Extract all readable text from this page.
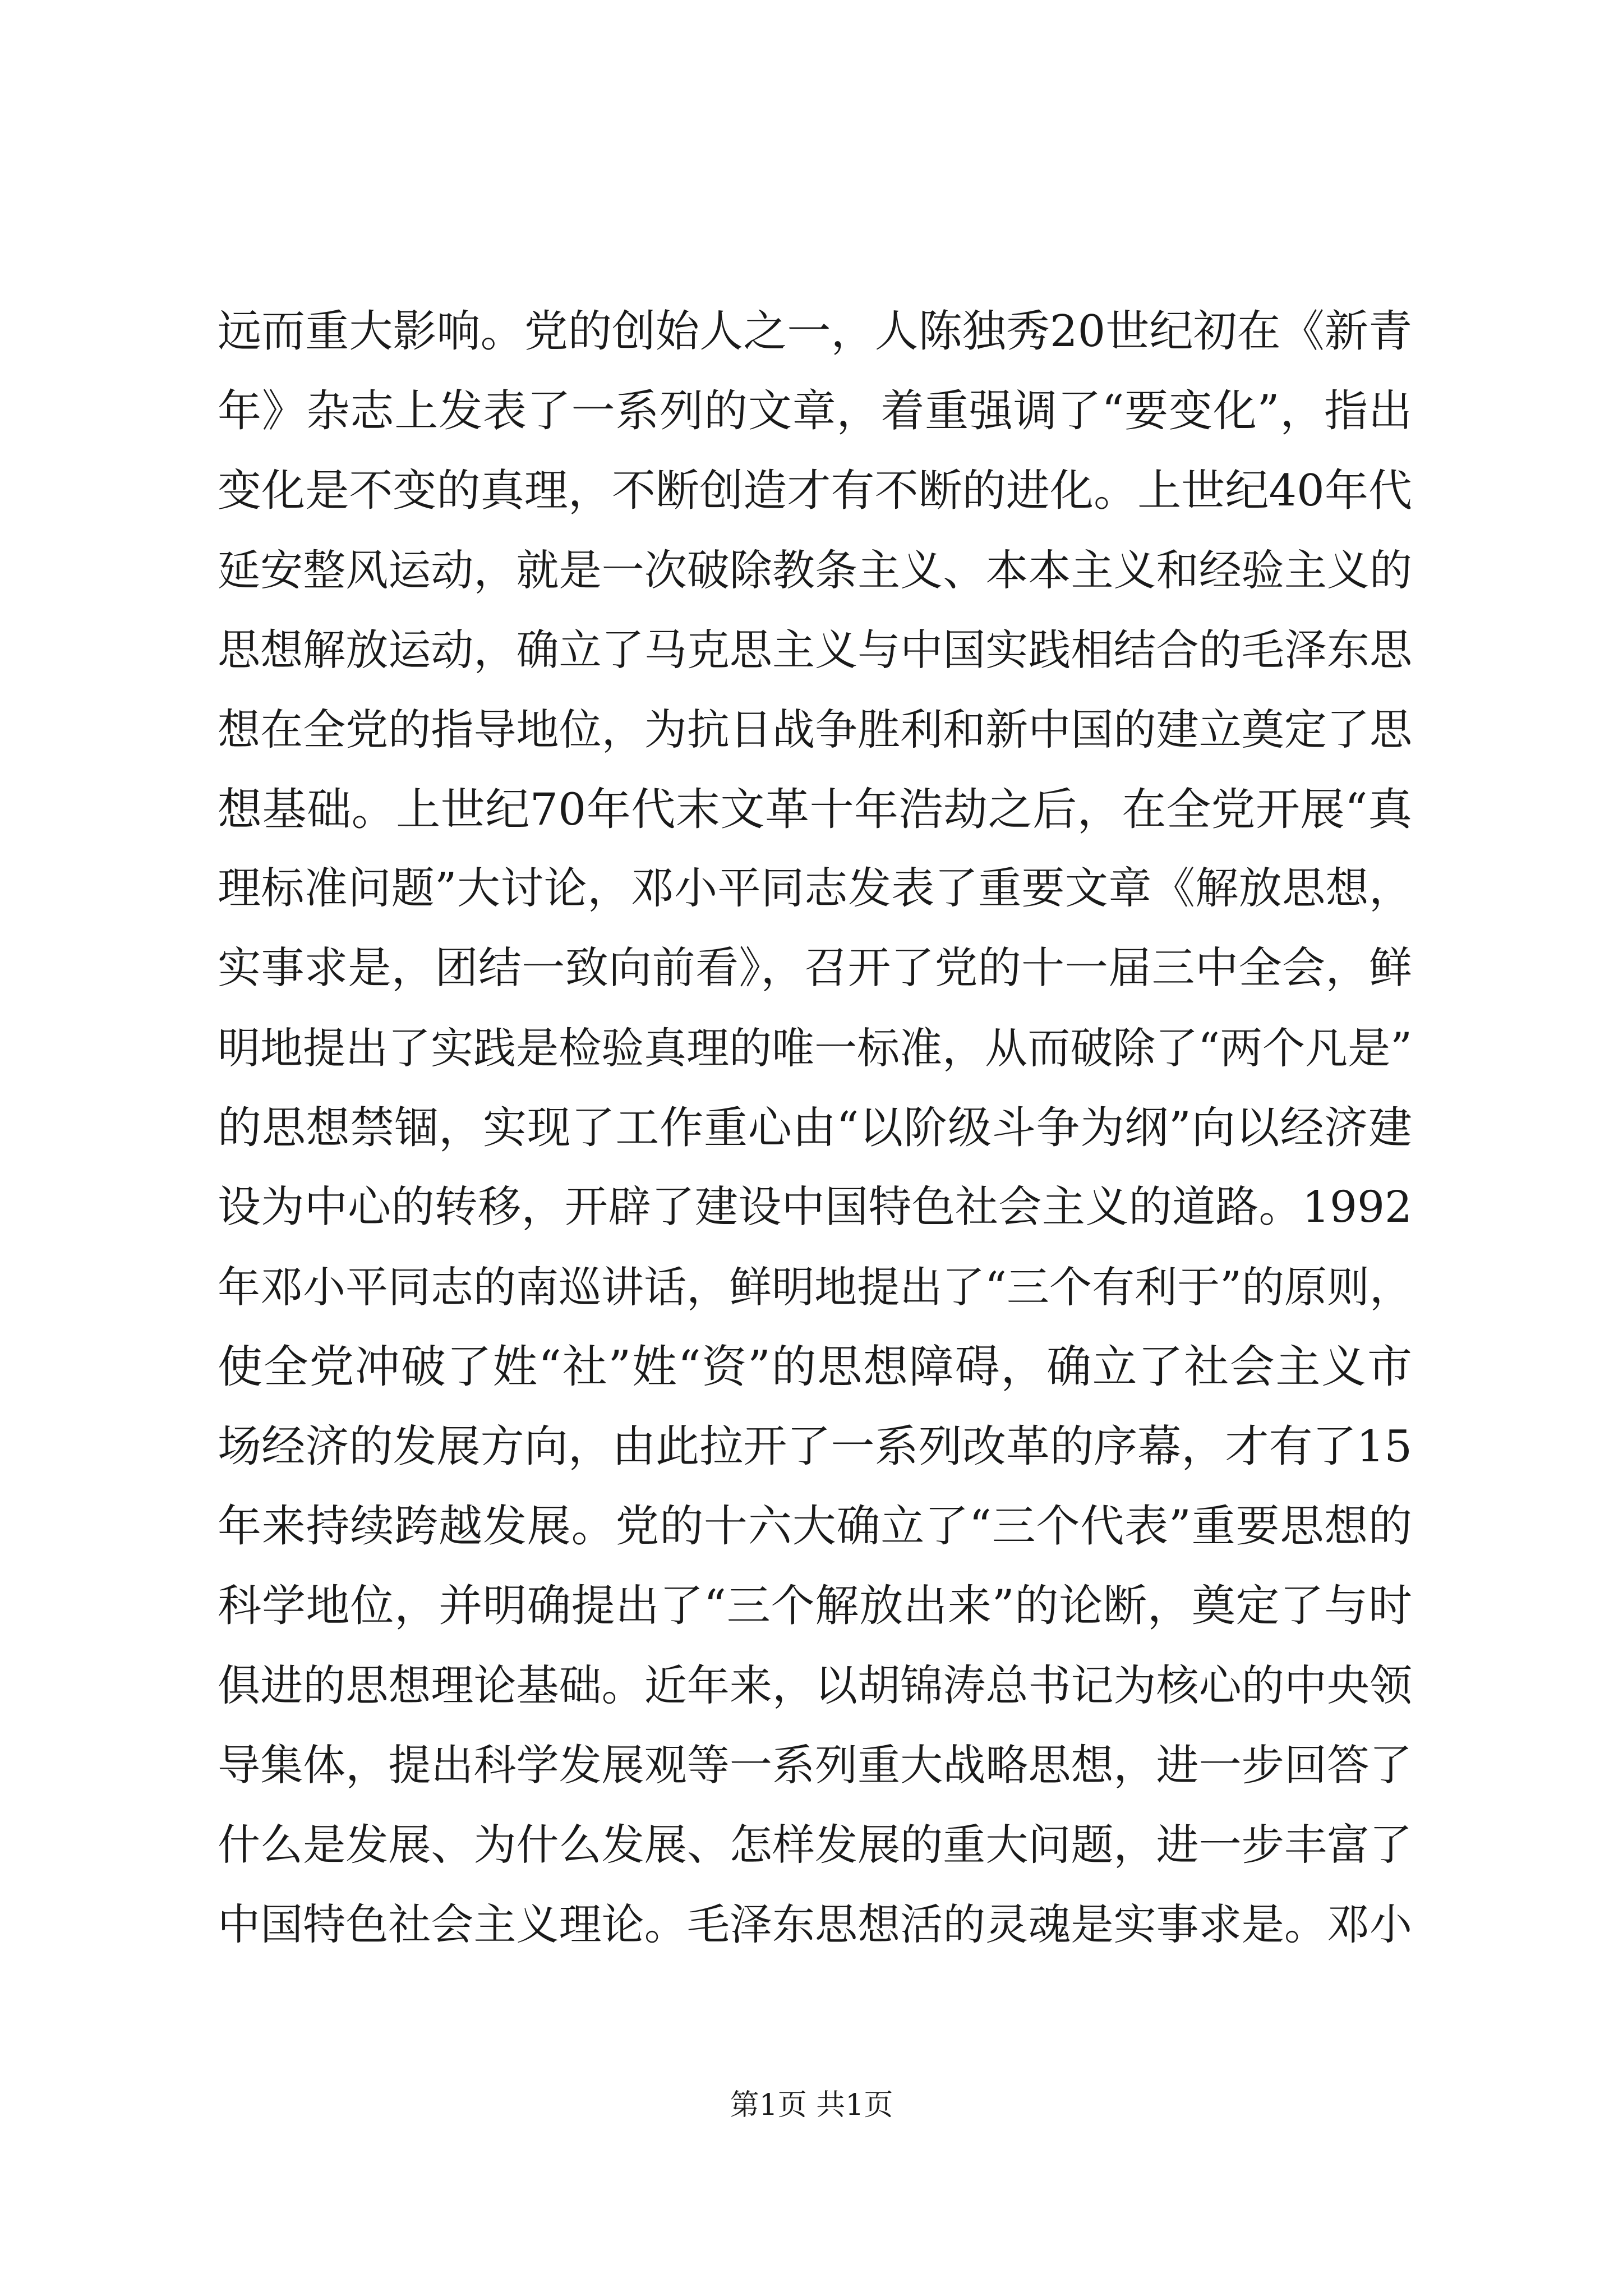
远而重大影响。党的创始人之一，人陈独秀20世纪初在《新青
年》杂志上发表了一系列的文章，着重强调了“要变化”，指出
变化是不变的真理，不断创造才有不断的进化。上世纪40年代
延安整风运动，就是一次破除教条主义、本本主义和经验主义的
思想解放运动，确立了马克思主义与中国实践相结合的毛泽东思
想在全党的指导地位，为抗日战争胜利和新中国的建立奠定了思
想基础。上世纪70年代末文革十年浩劫之后，在全党开展“真
理标准问题”大讨论，邓小平同志发表了重要文章《解放思想，
实事求是，团结一致向前看》，召开了党的十一届三中全会，鲜
明地提出了实践是检验真理的唯一标准，从而破除了“两个凡是”
的思想禁锢，实现了工作重心由“以阶级斗争为纲”向以经济建
设为中心的转移，开辟了建设中国特色社会主义的道路。1992
年邓小平同志的南巡讲话，鲜明地提出了“三个有利于”的原则，
使全党冲破了姓“社”姓“资”的思想障碍，确立了社会主义市
场经济的发展方向，由此拉开了一系列改革的序幕，才有了15
年来持续跨越发展。党的十六大确立了“三个代表”重要思想的
科学地位，并明确提出了“三个解放出来”的论断，奠定了与时
俱进的思想理论基础。近年来，以胡锦涛总书记为核心的中央领
导集体，提出科学发展观等一系列重大战略思想，进一步回答了
什么是发展、为什么发展、怎样发展的重大问题，进一步丰富了
中国特色社会主义理论。毛泽东思想活的灵魂是实事求是。邓小
第1页 共1页
